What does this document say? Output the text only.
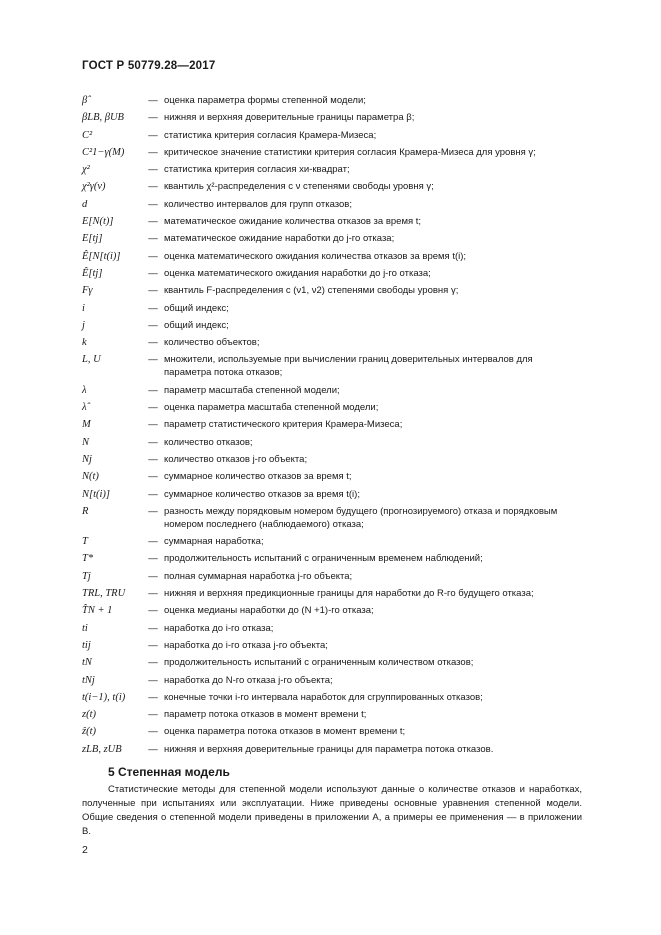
ГОСТ Р 50779.28—2017
β̂	— оценка параметра формы степенной модели;
βLB, βUB	— нижняя и верхняя доверительные границы параметра β;
C²	— статистика критерия согласия Крамера-Мизеса;
C²1−γ(M)	— критическое значение статистики критерия согласия Крамера-Мизеса для уровня γ;
χ²	— статистика критерия согласия хи-квадрат;
χ²γ(ν)	— квантиль χ²-распределения с ν степенями свободы уровня γ;
d	— количество интервалов для групп отказов;
E[N(t)]	— математическое ожидание количества отказов за время t;
E[tj]	— математическое ожидание наработки до j-го отказа;
Ê[N[t(i)]	— оценка математического ожидания количества отказов за время t(i);
Ê[tj]	— оценка математического ожидания наработки до j-го отказа;
Fγ	— квантиль F-распределения с (ν1, ν2) степенями свободы уровня γ;
i	— общий индекс;
j	— общий индекс;
k	— количество объектов;
L, U	— множители, используемые при вычислении границ доверительных интервалов для параметра потока отказов;
λ	— параметр масштаба степенной модели;
λ̂	— оценка параметра масштаба степенной модели;
M	— параметр статистического критерия Крамера-Мизеса;
N	— количество отказов;
Nj	— количество отказов j-го объекта;
N(t)	— суммарное количество отказов за время t;
N[t(i)]	— суммарное количество отказов за время t(i);
R	— разность между порядковым номером будущего (прогнозируемого) отказа и порядковым номером последнего (наблюдаемого) отказа;
T	— суммарная наработка;
T*	— продолжительность испытаний с ограниченным временем наблюдений;
Tj	— полная суммарная наработка j-го объекта;
TRL, TRU	— нижняя и верхняя предикционные границы для наработки до R-го будущего отказа;
T̂N + 1	— оценка медианы наработки до (N +1)-го отказа;
ti	— наработка до i-го отказа;
tij	— наработка до i-го отказа j-го объекта;
tN	— продолжительность испытаний с ограниченным количеством отказов;
tNj	— наработка до N-го отказа j-го объекта;
t(i−1), t(i)	— конечные точки i-го интервала наработок для сгруппированных отказов;
z(t)	— параметр потока отказов в момент времени t;
ẑ(t)	— оценка параметра потока отказов в момент времени t;
zLB, zUB	— нижняя и верхняя доверительные границы для параметра потока отказов.
5 Степенная модель
Статистические методы для степенной модели используют данные о количестве отказов и наработках, полученные при испытаниях или эксплуатации. Ниже приведены основные уравнения степенной модели. Общие сведения о степенной модели приведены в приложении А, а примеры ее применения — в приложении В.
2
